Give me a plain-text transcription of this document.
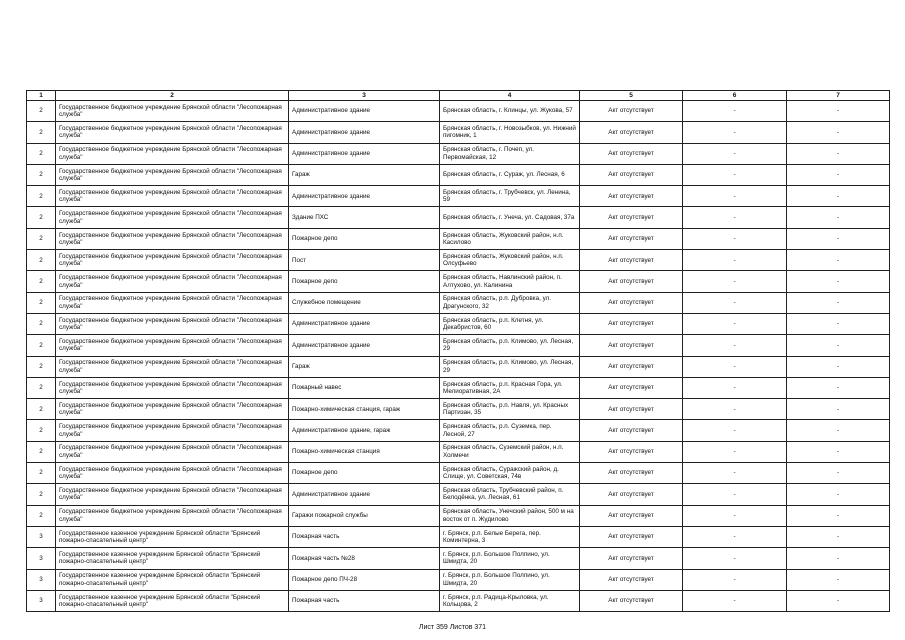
1	2	3	4	5	6	7
2	Государственное бюджетное учреждение Брянской области "Лесопожарная служба"	Административное здание	Брянская область, г. Клинцы, ул. Жукова, 57	Акт отсутствует	-	-
2	Государственное бюджетное учреждение Брянской области "Лесопожарная служба"	Административное здание	Брянская область, г. Новозыбков, ул. Нижний пигомник, 1	Акт отсутствует	-	-
2	Государственное бюджетное учреждение Брянской области "Лесопожарная служба"	Административное здание	Брянская область, г. Почеп, ул. Первомайская, 12	Акт отсутствует	-	-
2	Государственное бюджетное учреждение Брянской области "Лесопожарная служба"	Гараж	Брянская область, г. Сураж, ул. Лесная, 6	Акт отсутствует	-	-
2	Государственное бюджетное учреждение Брянской области "Лесопожарная служба"	Административное здание	Брянская область, г. Трубчевск, ул. Ленина, 59	Акт отсутствует	-	-
2	Государственное бюджетное учреждение Брянской области "Лесопожарная служба"	Здание ПХС	Брянская область, г. Унеча, ул. Садовая, 37а	Акт отсутствует	-	-
2	Государственное бюджетное учреждение Брянской области "Лесопожарная служба"	Пожарное депо	Брянская область, Жуковский район, н.п. Касилово	Акт отсутствует	-	-
2	Государственное бюджетное учреждение Брянской области "Лесопожарная служба"	Пост	Брянская область, Жуковский район, н.п. Олсуфьево	Акт отсутствует	-	-
2	Государственное бюджетное учреждение Брянской области "Лесопожарная служба"	Пожарное депо	Брянская область, Навлинский район, п. Алтухово, ул. Калинина	Акт отсутствует	-	-
2	Государственное бюджетное учреждение Брянской области "Лесопожарная служба"	Служебное помещение	Брянская область, р.п. Дубровка, ул. Драгунского, 32	Акт отсутствует	-	-
2	Государственное бюджетное учреждение Брянской области "Лесопожарная служба"	Административное здание	Брянская область, р.п. Клетня, ул. Декабристов, 60	Акт отсутствует	-	-
2	Государственное бюджетное учреждение Брянской области "Лесопожарная служба"	Административное здание	Брянская область, р.п. Климово, ул. Лесная, 29	Акт отсутствует	-	-
2	Государственное бюджетное учреждение Брянской области "Лесопожарная служба"	Гараж	Брянская область, р.п. Климово, ул. Лесная, 29	Акт отсутствует	-	-
2	Государственное бюджетное учреждение Брянской области "Лесопожарная служба"	Пожарный навес	Брянская область, р.п. Красная Гора, ул. Мелиоративная, 2А	Акт отсутствует	-	-
2	Государственное бюджетное учреждение Брянской области "Лесопожарная служба"	Пожарно-химическая станция, гараж	Брянская область, р.п. Навля, ул. Красных Партизан, 35	Акт отсутствует	-	-
2	Государственное бюджетное учреждение Брянской области "Лесопожарная служба"	Административное здание, гараж	Брянская область, р.п. Суземка, пер. Лесной, 27	Акт отсутствует	-	-
2	Государственное бюджетное учреждение Брянской области "Лесопожарная служба"	Пожарно-химическая станция	Брянская область, Суземский район, н.п. Холмечи	Акт отсутствует	-	-
2	Государственное бюджетное учреждение Брянской области "Лесопожарная служба"	Пожарное депо	Брянская область, Суражский район, д. Слище, ул. Советская, 74в	Акт отсутствует	-	-
2	Государственное бюджетное учреждение Брянской области "Лесопожарная служба"	Административное здание	Брянская область, Трубчевский район, п. Белодёнка, ул. Лесная, 61	Акт отсутствует	-	-
2	Государственное бюджетное учреждение Брянской области "Лесопожарная служба"	Гаражи пожарной службы	Брянская область, Унечский район, 500 м на восток от п. Жудилово	Акт отсутствует	-	-
3	Государственное казенное учреждение Брянской области "Брянский пожарно-спасательный центр"	Пожарная часть	г. Брянск, р.п. Белые Берега, пер. Коминтерна, 3	Акт отсутствует	-	-
3	Государственное казенное учреждение Брянской области "Брянский пожарно-спасательный центр"	Пожарная часть №28	г. Брянск, р.п. Большое Полпино, ул. Шмидта, 20	Акт отсутствует	-	-
3	Государственное казенное учреждение Брянской области "Брянский пожарно-спасательный центр"	Пожарное депо ПЧ-28	г. Брянск, р.п. Большое Полпино, ул. Шмидта, 20	Акт отсутствует	-	-
3	Государственное казенное учреждение Брянской области "Брянский пожарно-спасательный центр"	Пожарная часть	г. Брянск, р.п. Радица-Крыловка, ул. Кольцова, 2	Акт отсутствует	-	-
Лист 359 Листов 371
